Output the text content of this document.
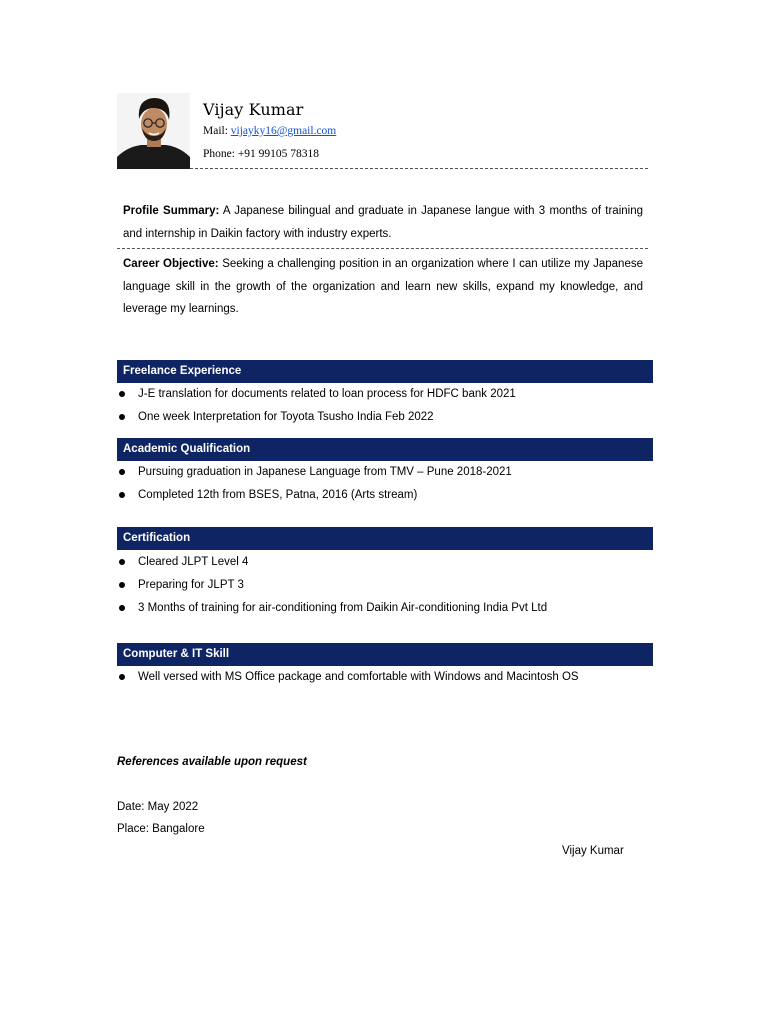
Vijay Kumar
Mail: vijayky16@gmail.com
Phone: +91 99105 78318
Profile Summary: A Japanese bilingual and graduate in Japanese langue with 3 months of training and internship in Daikin factory with industry experts.
Career Objective: Seeking a challenging position in an organization where I can utilize my Japanese language skill in the growth of the organization and learn new skills, expand my knowledge, and leverage my learnings.
Freelance Experience
J-E translation for documents related to loan process for HDFC bank 2021
One week Interpretation for Toyota Tsusho India Feb 2022
Academic Qualification
Pursuing graduation in Japanese Language from TMV – Pune 2018-2021
Completed 12th from BSES, Patna, 2016 (Arts stream)
Certification
Cleared JLPT Level 4
Preparing for JLPT 3
3 Months of training for air-conditioning from Daikin Air-conditioning India Pvt Ltd
Computer & IT Skill
Well versed with MS Office package and comfortable with Windows and Macintosh OS
References available upon request
Date: May 2022
Place: Bangalore
Vijay Kumar
